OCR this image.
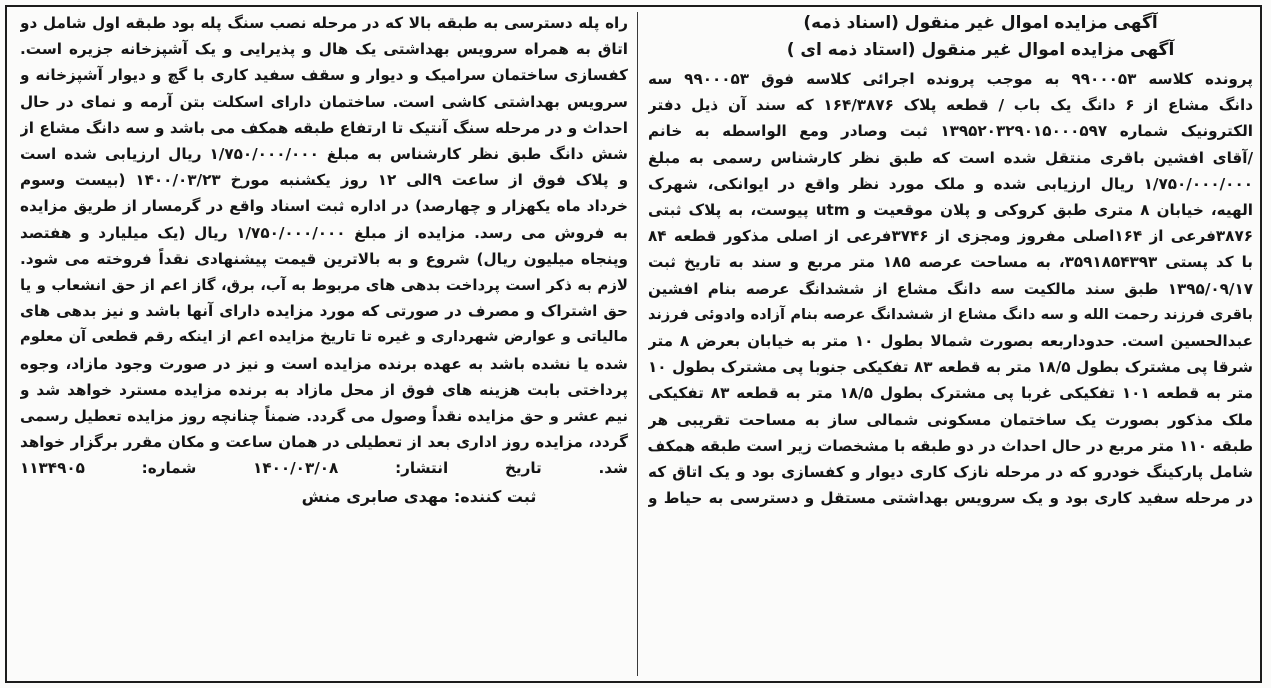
آگهی مزایده اموال غیر منقول (اسناد ذمه)
آگهی مزایده اموال غیر منقول (استاد ذمه ای )
پرونده کلاسه ۹۹۰۰۰۵۳ به موجب پرونده اجرائی کلاسه فوق ۹۹۰۰۰۵۳ سه
دانگ مشاع از ۶ دانگ یک باب / قطعه پلاک ۱۶۴/۳۸۷۶ که سند آن ذیل دفتر
الکترونیک شماره ۱۳۹۵۲۰۳۲۹۰۱۵۰۰۰۵۹۷ ثبت وصادر ومع الواسطه به خانم
/آقای افشین باقری منتقل شده است که طبق نظر کارشناس رسمی به مبلغ
۱/۷۵۰/۰۰۰/۰۰۰ ریال ارزیابی شده و ملک مورد نظر واقع در ایوانکی، شهرک
الهیه، خیابان ۸ متری طبق کروکی و پلان موقعیت و utm پیوست، به پلاک ثبتی
۳۸۷۶فرعی از ۱۶۴اصلی مفروز ومجزی از ۳۷۴۶فرعی از اصلی مذکور قطعه ۸۴
با کد پستی ۳۵۹۱۸۵۴۳۹۳، به مساحت عرصه ۱۸۵ متر مربع و سند به تاریخ ثبت
۱۳۹۵/۰۹/۱۷ طبق سند مالکیت سه دانگ مشاع از ششدانگ عرصه بنام افشین
باقری فرزند رحمت الله و سه دانگ مشاع از ششدانگ عرصه بنام آزاده وادوئی فرزند
عبدالحسین است. حدوداربعه بصورت شمالا بطول ۱۰ متر به خیابان بعرض ۸ متر
شرقا پی مشترک بطول ۱۸/۵ متر به قطعه ۸۳ تفکیکی جنوبا پی مشترک بطول ۱۰
متر به قطعه ۱۰۱ تفکیکی غربا پی مشترک بطول ۱۸/۵ متر به قطعه ۸۳ تفکیکی
ملک مذکور بصورت یک ساختمان مسکونی شمالی ساز به مساحت تقریبی هر
طبقه ۱۱۰ متر مربع در حال احداث در دو طبقه با مشخصات زیر است طبقه همکف
شامل پارکینگ خودرو که در مرحله نازک کاری دیوار و کفسازی بود و یک اتاق که
در مرحله سفید کاری بود و یک سرویس بهداشتی مستقل و دسترسی به حیاط و
راه پله دسترسی به طبقه بالا که در مرحله نصب سنگ پله بود طبقه اول شامل دو
اتاق به همراه سرویس بهداشتی یک هال و پذیرایی و یک آشپزخانه جزیره است.
کفسازی ساختمان سرامیک و دیوار و سقف سفید کاری با گچ و دیوار آشپزخانه و
سرویس بهداشتی کاشی است. ساختمان دارای اسکلت بتن آرمه و نمای در حال
احداث و در مرحله سنگ آنتیک تا ارتفاع طبقه همکف می باشد و سه دانگ مشاع از
شش دانگ طبق نظر کارشناس به مبلغ ۱/۷۵۰/۰۰۰/۰۰۰ ریال ارزیابی شده است
و پلاک فوق از ساعت ۹الی ۱۲ روز یکشنبه مورخ ۱۴۰۰/۰۳/۲۳ (بیست وسوم
خرداد ماه یکهزار و چهارصد) در اداره ثبت اسناد واقع در گرمسار از طریق مزایده
به فروش می رسد. مزایده از مبلغ ۱/۷۵۰/۰۰۰/۰۰۰ ریال (یک میلیارد و هفتصد
وپنجاه میلیون ریال) شروع و به بالاترین قیمت پیشنهادی نقداً فروخته می شود.
لازم به ذکر است پرداخت بدهی های مربوط به آب، برق، گاز اعم از حق انشعاب و یا
حق اشتراک و مصرف در صورتی که مورد مزایده دارای آنها باشد و نیز بدهی های
مالیاتی و عوارض شهرداری و غیره تا تاریخ مزایده اعم از اینکه رقم قطعی آن معلوم
شده یا نشده باشد به عهده برنده مزایده است و نیز در صورت وجود مازاد، وجوه
پرداختی بابت هزینه های فوق از محل مازاد به برنده مزایده مسترد خواهد شد و
نیم عشر و حق مزایده نقداً وصول می گردد. ضمناً چنانچه روز مزایده تعطیل رسمی
گردد، مزایده روز اداری بعد از تعطیلی در همان ساعت و مکان مقرر برگزار خواهد
شد. تاریخ انتشار: ۱۴۰۰/۰۳/۰۸ شماره: ۱۱۳۴۹۰۵
ثبت کننده: مهدی صابری منش
